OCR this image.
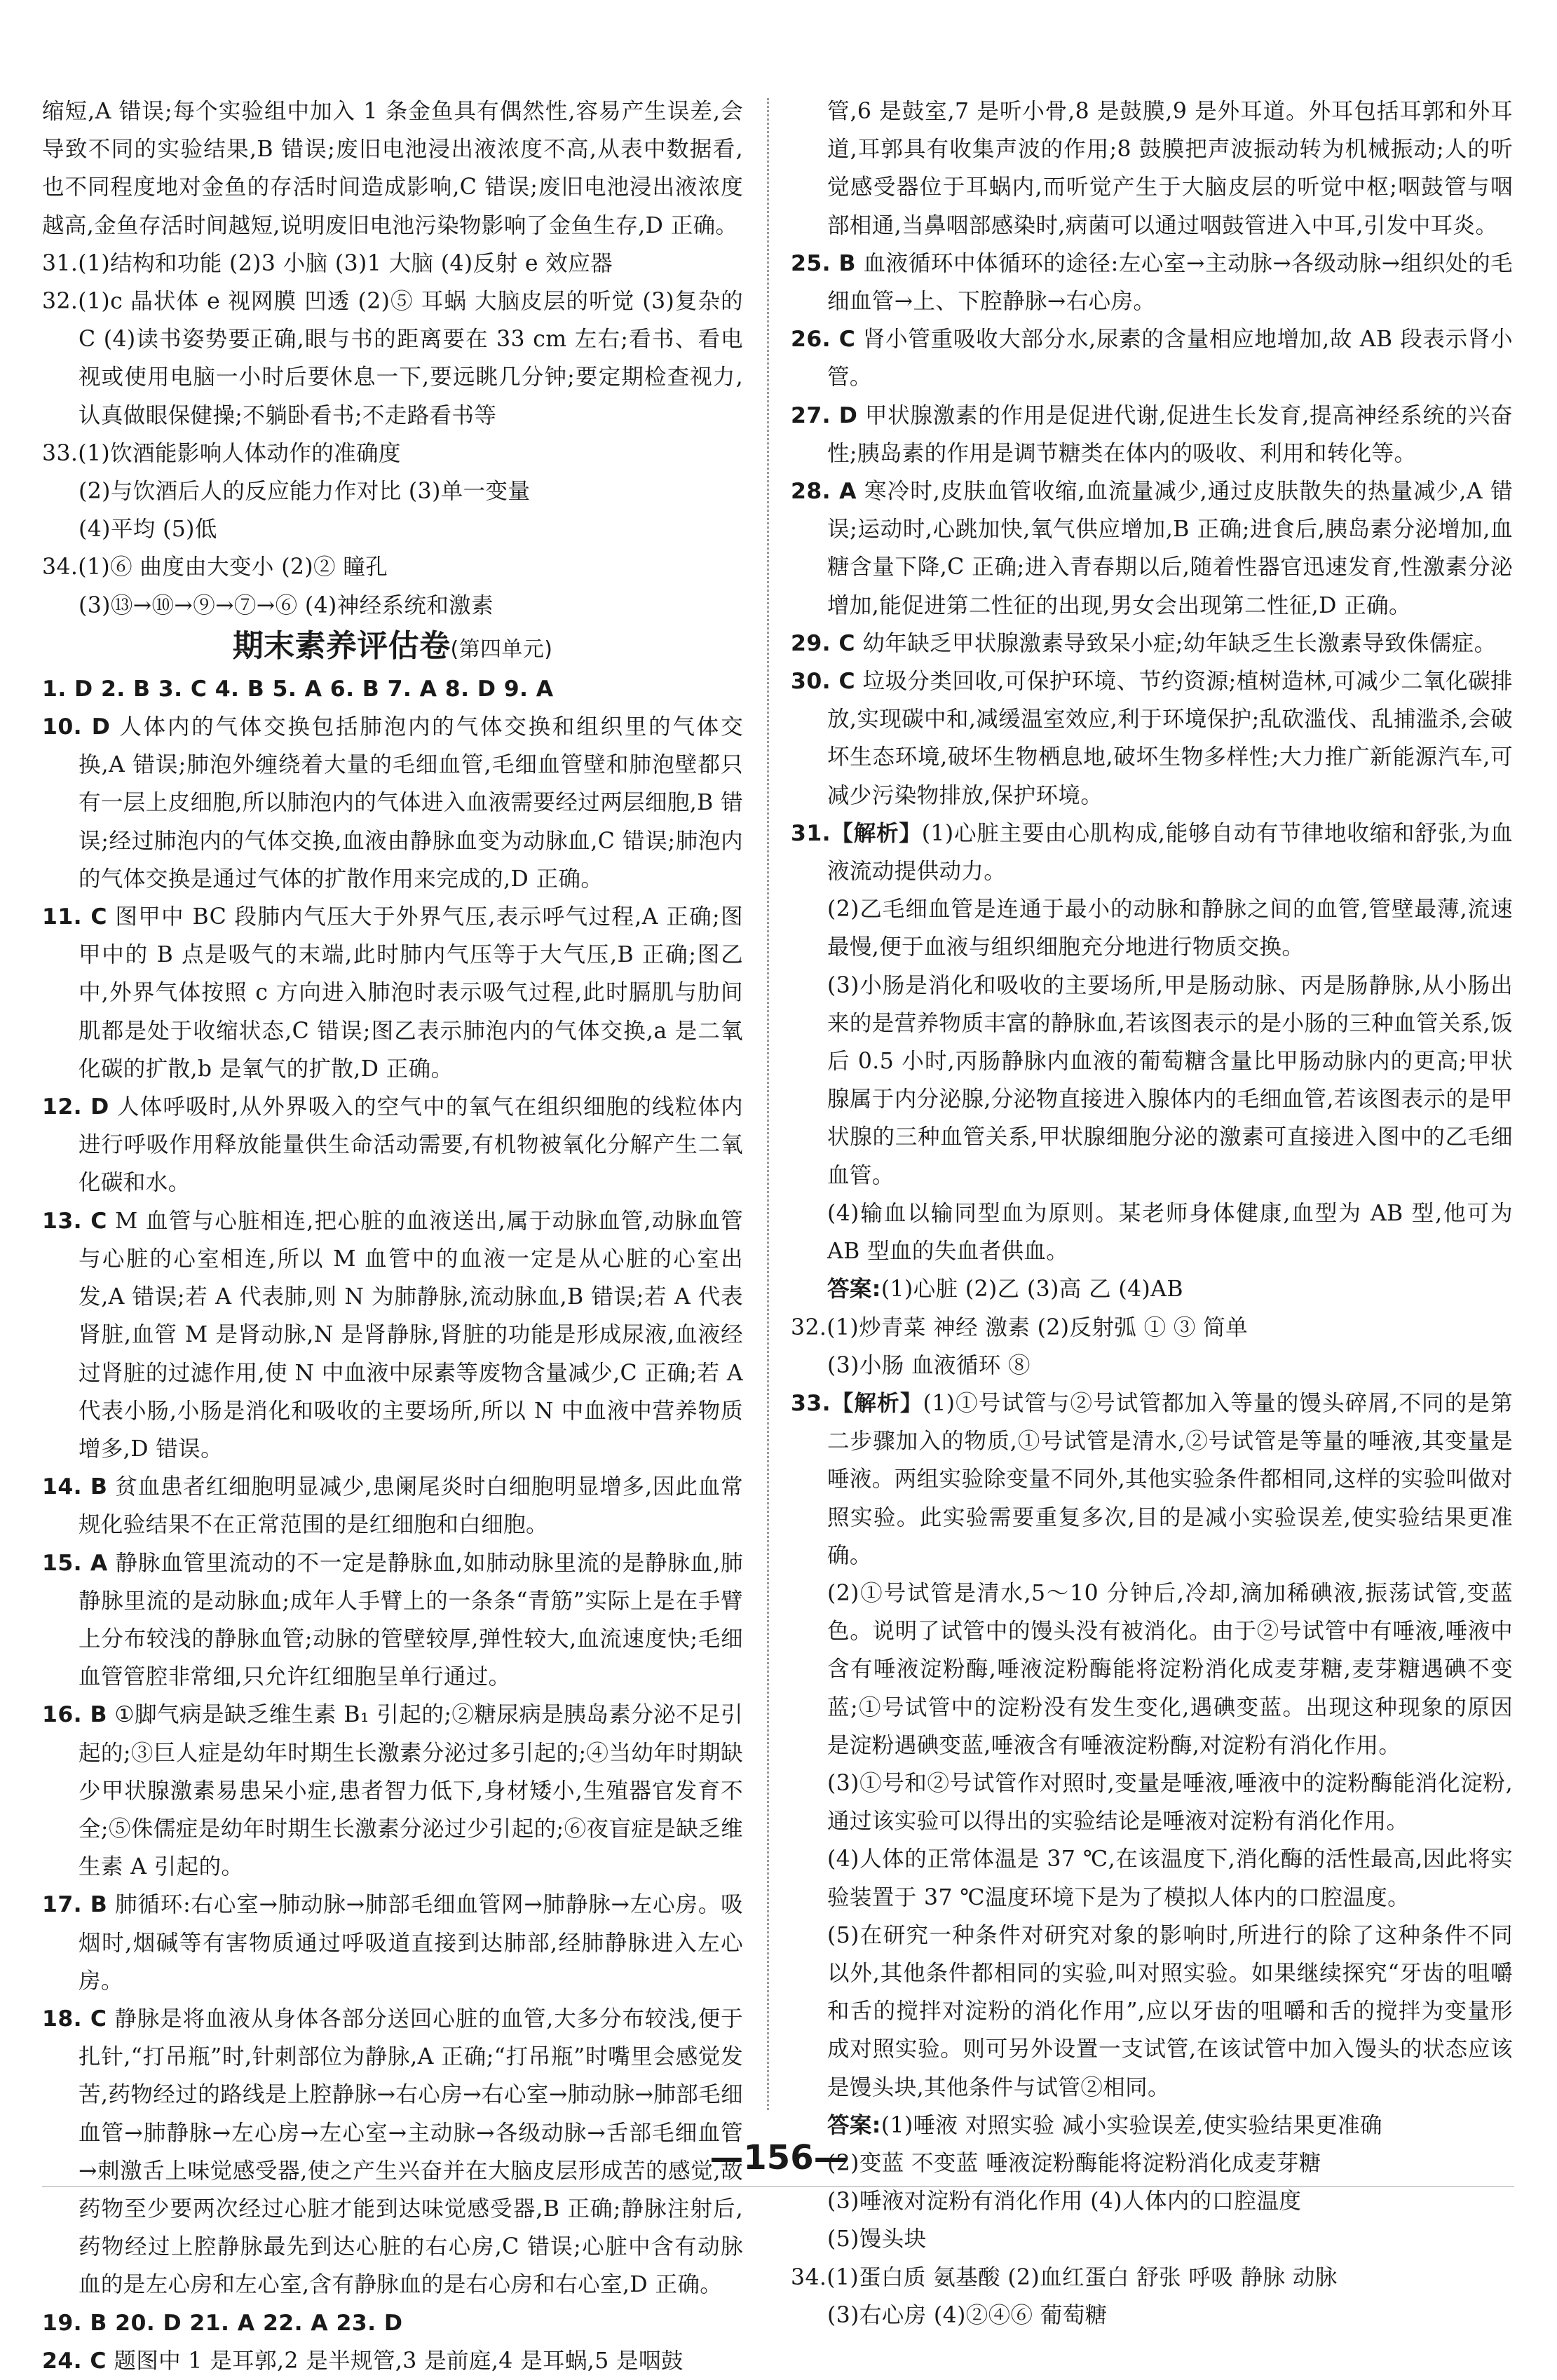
缩短,A 错误;每个实验组中加入 1 条金鱼具有偶然性,容易产生误差,会导致不同的实验结果,B 错误;废旧电池浸出液浓度不高,从表中数据看,也不同程度地对金鱼的存活时间造成影响,C 错误;废旧电池浸出液浓度越高,金鱼存活时间越短,说明废旧电池污染物影响了金鱼生存,D 正确。

31.(1)结构和功能 (2)3 小脑 (3)1 大脑 (4)反射 e 效应器

32.(1)c 晶状体 e 视网膜 凹透 (2)⑤ 耳蜗 大脑皮层的听觉 (3)复杂的 C (4)读书姿势要正确,眼与书的距离要在 33 cm 左右;看书、看电视或使用电脑一小时后要休息一下,要远眺几分钟;要定期检查视力,认真做眼保健操;不躺卧看书;不走路看书等

33.(1)饮酒能影响人体动作的准确度

(2)与饮酒后人的反应能力作对比 (3)单一变量

(4)平均 (5)低

34.(1)⑥ 曲度由大变小 (2)② 瞳孔

(3)⑬→⑩→⑨→⑦→⑥ (4)神经系统和激素

期末素养评估卷(第四单元)

1. D 2. B 3. C 4. B 5. A 6. B 7. A 8. D 9. A

10. D 人体内的气体交换包括肺泡内的气体交换和组织里的气体交换,A 错误;肺泡外缠绕着大量的毛细血管,毛细血管壁和肺泡壁都只有一层上皮细胞,所以肺泡内的气体进入血液需要经过两层细胞,B 错误;经过肺泡内的气体交换,血液由静脉血变为动脉血,C 错误;肺泡内的气体交换是通过气体的扩散作用来完成的,D 正确。

11. C 图甲中 BC 段肺内气压大于外界气压,表示呼气过程,A 正确;图甲中的 B 点是吸气的末端,此时肺内气压等于大气压,B 正确;图乙中,外界气体按照 c 方向进入肺泡时表示吸气过程,此时膈肌与肋间肌都是处于收缩状态,C 错误;图乙表示肺泡内的气体交换,a 是二氧化碳的扩散,b 是氧气的扩散,D 正确。

12. D 人体呼吸时,从外界吸入的空气中的氧气在组织细胞的线粒体内进行呼吸作用释放能量供生命活动需要,有机物被氧化分解产生二氧化碳和水。

13. C M 血管与心脏相连,把心脏的血液送出,属于动脉血管,动脉血管与心脏的心室相连,所以 M 血管中的血液一定是从心脏的心室出发,A 错误;若 A 代表肺,则 N 为肺静脉,流动脉血,B 错误;若 A 代表肾脏,血管 M 是肾动脉,N 是肾静脉,肾脏的功能是形成尿液,血液经过肾脏的过滤作用,使 N 中血液中尿素等废物含量减少,C 正确;若 A 代表小肠,小肠是消化和吸收的主要场所,所以 N 中血液中营养物质增多,D 错误。

14. B 贫血患者红细胞明显减少,患阑尾炎时白细胞明显增多,因此血常规化验结果不在正常范围的是红细胞和白细胞。

15. A 静脉血管里流动的不一定是静脉血,如肺动脉里流的是静脉血,肺静脉里流的是动脉血;成年人手臂上的一条条“青筋”实际上是在手臂上分布较浅的静脉血管;动脉的管壁较厚,弹性较大,血流速度快;毛细血管管腔非常细,只允许红细胞呈单行通过。

16. B ①脚气病是缺乏维生素 B₁ 引起的;②糖尿病是胰岛素分泌不足引起的;③巨人症是幼年时期生长激素分泌过多引起的;④当幼年时期缺少甲状腺激素易患呆小症,患者智力低下,身材矮小,生殖器官发育不全;⑤侏儒症是幼年时期生长激素分泌过少引起的;⑥夜盲症是缺乏维生素 A 引起的。

17. B 肺循环:右心室→肺动脉→肺部毛细血管网→肺静脉→左心房。吸烟时,烟碱等有害物质通过呼吸道直接到达肺部,经肺静脉进入左心房。

18. C 静脉是将血液从身体各部分送回心脏的血管,大多分布较浅,便于扎针,“打吊瓶”时,针刺部位为静脉,A 正确;“打吊瓶”时嘴里会感觉发苦,药物经过的路线是上腔静脉→右心房→右心室→肺动脉→肺部毛细血管→肺静脉→左心房→左心室→主动脉→各级动脉→舌部毛细血管→刺激舌上味觉感受器,使之产生兴奋并在大脑皮层形成苦的感觉,故药物至少要两次经过心脏才能到达味觉感受器,B 正确;静脉注射后,药物经过上腔静脉最先到达心脏的右心房,C 错误;心脏中含有动脉血的是左心房和左心室,含有静脉血的是右心房和右心室,D 正确。

19. B 20. D 21. A 22. A 23. D

24. C 题图中 1 是耳郭,2 是半规管,3 是前庭,4 是耳蜗,5 是咽鼓

管,6 是鼓室,7 是听小骨,8 是鼓膜,9 是外耳道。外耳包括耳郭和外耳道,耳郭具有收集声波的作用;8 鼓膜把声波振动转为机械振动;人的听觉感受器位于耳蜗内,而听觉产生于大脑皮层的听觉中枢;咽鼓管与咽部相通,当鼻咽部感染时,病菌可以通过咽鼓管进入中耳,引发中耳炎。

25. B 血液循环中体循环的途径:左心室→主动脉→各级动脉→组织处的毛细血管→上、下腔静脉→右心房。

26. C 肾小管重吸收大部分水,尿素的含量相应地增加,故 AB 段表示肾小管。

27. D 甲状腺激素的作用是促进代谢,促进生长发育,提高神经系统的兴奋性;胰岛素的作用是调节糖类在体内的吸收、利用和转化等。

28. A 寒冷时,皮肤血管收缩,血流量减少,通过皮肤散失的热量减少,A 错误;运动时,心跳加快,氧气供应增加,B 正确;进食后,胰岛素分泌增加,血糖含量下降,C 正确;进入青春期以后,随着性器官迅速发育,性激素分泌增加,能促进第二性征的出现,男女会出现第二性征,D 正确。

29. C 幼年缺乏甲状腺激素导致呆小症;幼年缺乏生长激素导致侏儒症。

30. C 垃圾分类回收,可保护环境、节约资源;植树造林,可减少二氧化碳排放,实现碳中和,减缓温室效应,利于环境保护;乱砍滥伐、乱捕滥杀,会破坏生态环境,破坏生物栖息地,破坏生物多样性;大力推广新能源汽车,可减少污染物排放,保护环境。

31.【解析】(1)心脏主要由心肌构成,能够自动有节律地收缩和舒张,为血液流动提供动力。

(2)乙毛细血管是连通于最小的动脉和静脉之间的血管,管壁最薄,流速最慢,便于血液与组织细胞充分地进行物质交换。

(3)小肠是消化和吸收的主要场所,甲是肠动脉、丙是肠静脉,从小肠出来的是营养物质丰富的静脉血,若该图表示的是小肠的三种血管关系,饭后 0.5 小时,丙肠静脉内血液的葡萄糖含量比甲肠动脉内的更高;甲状腺属于内分泌腺,分泌物直接进入腺体内的毛细血管,若该图表示的是甲状腺的三种血管关系,甲状腺细胞分泌的激素可直接进入图中的乙毛细血管。

(4)输血以输同型血为原则。某老师身体健康,血型为 AB 型,他可为 AB 型血的失血者供血。

答案:(1)心脏 (2)乙 (3)高 乙 (4)AB

32.(1)炒青菜 神经 激素 (2)反射弧 ① ③ 简单

(3)小肠 血液循环 ⑧

33.【解析】(1)①号试管与②号试管都加入等量的馒头碎屑,不同的是第二步骤加入的物质,①号试管是清水,②号试管是等量的唾液,其变量是唾液。两组实验除变量不同外,其他实验条件都相同,这样的实验叫做对照实验。此实验需要重复多次,目的是减小实验误差,使实验结果更准确。

(2)①号试管是清水,5～10 分钟后,冷却,滴加稀碘液,振荡试管,变蓝色。说明了试管中的馒头没有被消化。由于②号试管中有唾液,唾液中含有唾液淀粉酶,唾液淀粉酶能将淀粉消化成麦芽糖,麦芽糖遇碘不变蓝;①号试管中的淀粉没有发生变化,遇碘变蓝。出现这种现象的原因是淀粉遇碘变蓝,唾液含有唾液淀粉酶,对淀粉有消化作用。

(3)①号和②号试管作对照时,变量是唾液,唾液中的淀粉酶能消化淀粉,通过该实验可以得出的实验结论是唾液对淀粉有消化作用。

(4)人体的正常体温是 37 ℃,在该温度下,消化酶的活性最高,因此将实验装置于 37 ℃温度环境下是为了模拟人体内的口腔温度。

(5)在研究一种条件对研究对象的影响时,所进行的除了这种条件不同以外,其他条件都相同的实验,叫对照实验。如果继续探究“牙齿的咀嚼和舌的搅拌对淀粉的消化作用”,应以牙齿的咀嚼和舌的搅拌为变量形成对照实验。则可另外设置一支试管,在该试管中加入馒头的状态应该是馒头块,其他条件与试管②相同。

答案:(1)唾液 对照实验 减小实验误差,使实验结果更准确

(2)变蓝 不变蓝 唾液淀粉酶能将淀粉消化成麦芽糖

(3)唾液对淀粉有消化作用 (4)人体内的口腔温度

(5)馒头块

34.(1)蛋白质 氨基酸 (2)血红蛋白 舒张 呼吸 静脉 动脉

(3)右心房 (4)②④⑥ 葡萄糖

—156—
